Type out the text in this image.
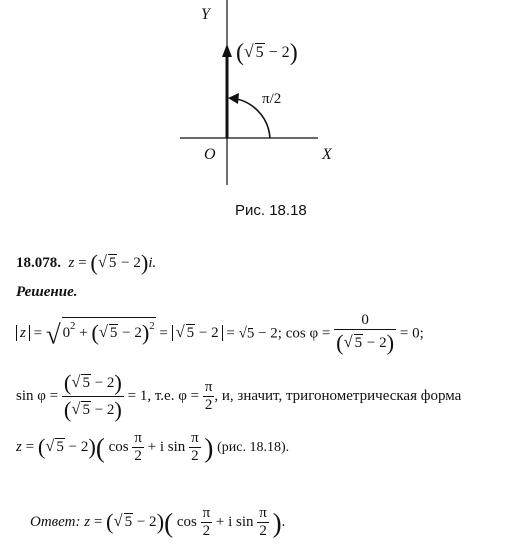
Y
X
O
(√ 5 − 2)
π/2
Рис. 18.18
18.078. z = (√ 5 − 2)i.
Решение.
z = √ $0^2$ + (√ 5 − 2)$^2$ = √ 5 − 2 = √5 − 2; $\cos \varphi = \frac{0}{(√ 5 - 2)} = 0$;
$\sin \varphi = \frac{(√ 5 - 2)}{(√ 5 - 2)} = 1$, т.е. $\varphi = \frac{\pi}{2}$ , и, значит, тригонометрическая форма
z = (√ 5 − 2)( $\cos \frac{\pi}{2} + i$ $\sin \frac{\pi}{2}$ ) (рис. 18.18).
Ответ: z = (√ 5 − 2)( $\cos \frac{\pi}{2} + i$ $\sin \frac{\pi}{2}$ ).
